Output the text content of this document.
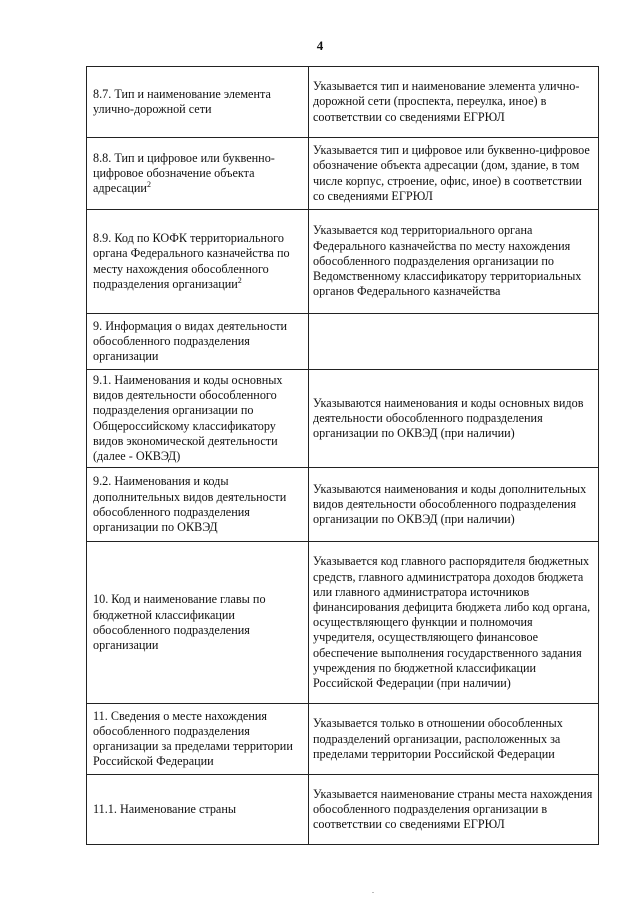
4
8.7. Тип и наименование элемента улично-дорожной сети	Указывается тип и наименование элемента улично-дорожной сети (проспекта, переулка, иное) в соответствии со сведениями ЕГРЮЛ
8.8. Тип и цифровое или буквенно-цифровое обозначение объекта адресации$^2$	Указывается тип и цифровое или буквенно-цифровое обозначение объекта адресации (дом, здание, в том числе корпус, строение, офис, иное) в соответствии со сведениями ЕГРЮЛ
8.9. Код по КОФК территориального органа Федерального казначейства по месту нахождения обособленного подразделения организации$^2$	Указывается код территориального органа Федерального казначейства по месту нахождения обособленного подразделения организации по Ведомственному классификатору территориальных органов Федерального казначейства
9. Информация о видах деятельности обособленного подразделения организации	
9.1. Наименования и коды основных видов деятельности обособленного подразделения организации по Общероссийскому классификатору видов экономической деятельности (далее - ОКВЭД)	Указываются наименования и коды основных видов деятельности обособленного подразделения организации по ОКВЭД (при наличии)
9.2. Наименования и коды дополнительных видов деятельности обособленного подразделения организации по ОКВЭД	Указываются наименования и коды дополнительных видов деятельности обособленного подразделения организации по ОКВЭД (при наличии)
10. Код и наименование главы по бюджетной классификации обособленного подразделения организации	Указывается код главного распорядителя бюджетных средств, главного администратора доходов бюджета или главного администратора источников финансирования дефицита бюджета либо код органа, осуществляющего функции и полномочия учредителя, осуществляющего финансовое обеспечение выполнения государственного задания учреждения по бюджетной классификации Российской Федерации (при наличии)
11. Сведения о месте нахождения обособленного подразделения организации за пределами территории Российской Федерации	Указывается только в отношении обособленных подразделений организации, расположенных за пределами территории Российской Федерации
11.1. Наименование страны	Указывается наименование страны места нахождения обособленного подразделения организации в соответствии со сведениями ЕГРЮЛ
